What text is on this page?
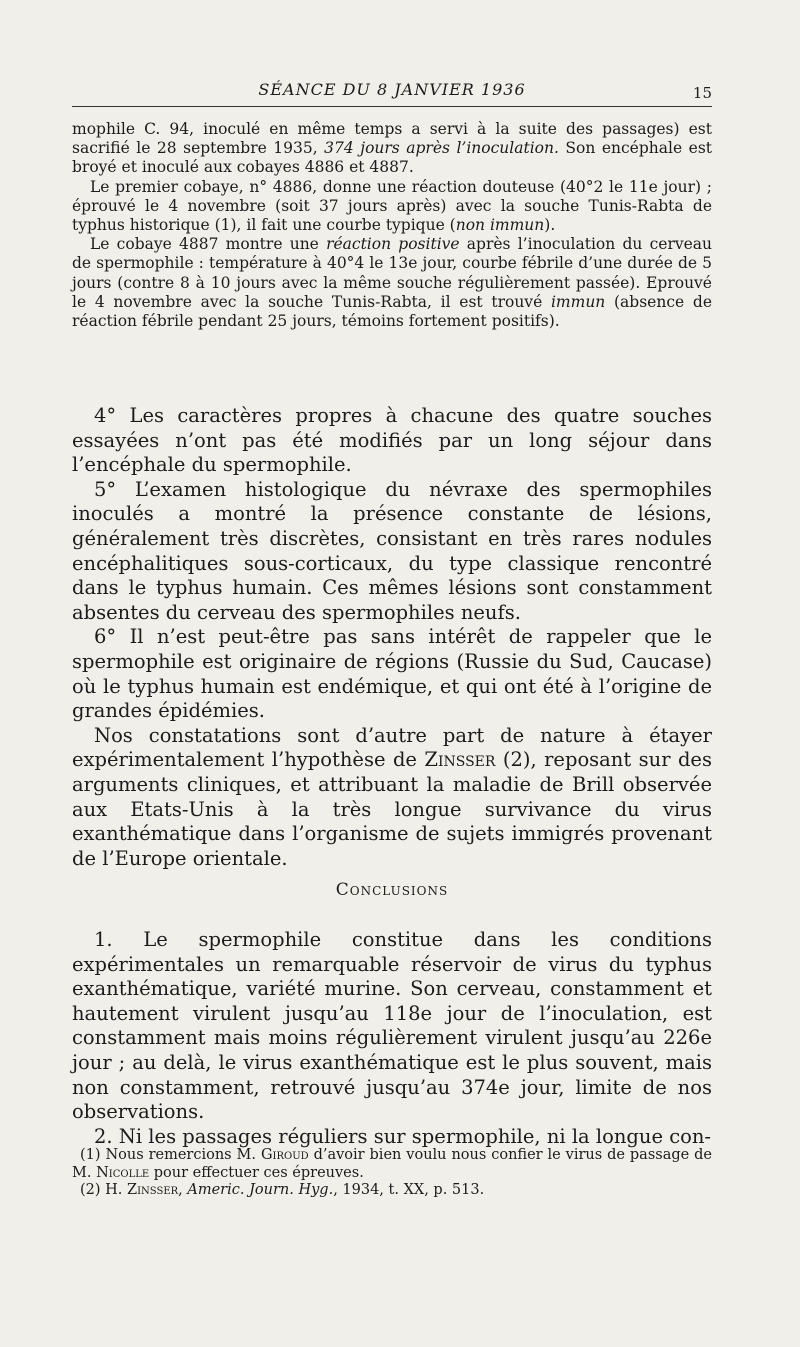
SÉANCE DU 8 JANVIER 1936	15

mophile C. 94, inoculé en même temps a servi à la suite des passages) est sacrifié le 28 septembre 1935, 374 jours après l’inoculation. Son encéphale est broyé et inoculé aux cobayes 4886 et 4887.

Le premier cobaye, n° 4886, donne une réaction douteuse (40°2 le 11e jour) ; éprouvé le 4 novembre (soit 37 jours après) avec la souche Tunis-Rabta de typhus historique (1), il fait une courbe typique (non immun).

Le cobaye 4887 montre une réaction positive après l’inoculation du cerveau de spermophile : température à 40°4 le 13e jour, courbe fébrile d’une durée de 5 jours (contre 8 à 10 jours avec la même souche régulièrement passée). Eprouvé le 4 novembre avec la souche Tunis-Rabta, il est trouvé immun (absence de réaction fébrile pendant 25 jours, témoins fortement positifs).

4° Les caractères propres à chacune des quatre souches essayées n’ont pas été modifiés par un long séjour dans l’encéphale du spermophile.

5° L’examen histologique du névraxe des spermophiles inoculés a montré la présence constante de lésions, généralement très discrètes, consistant en très rares nodules encéphalitiques sous-corticaux, du type classique rencontré dans le typhus humain. Ces mêmes lésions sont constamment absentes du cerveau des spermophiles neufs.

6° Il n’est peut-être pas sans intérêt de rappeler que le spermophile est originaire de régions (Russie du Sud, Caucase) où le typhus humain est endémique, et qui ont été à l’origine de grandes épidémies.

Nos constatations sont d’autre part de nature à étayer expérimentalement l’hypothèse de Zinsser (2), reposant sur des arguments cliniques, et attribuant la maladie de Brill observée aux Etats-Unis à la très longue survivance du virus exanthématique dans l’organisme de sujets immigrés provenant de l’Europe orientale.

Conclusions

1. Le spermophile constitue dans les conditions expérimentales un remarquable réservoir de virus du typhus exanthématique, variété murine. Son cerveau, constamment et hautement virulent jusqu’au 118e jour de l’inoculation, est constamment mais moins régulièrement virulent jusqu’au 226e jour ; au delà, le virus exanthématique est le plus souvent, mais non constamment, retrouvé jusqu’au 374e jour, limite de nos observations.

2. Ni les passages réguliers sur spermophile, ni la longue con-

(1) Nous remercions M. Giroud d’avoir bien voulu nous confier le virus de passage de M. Nicolle pour effectuer ces épreuves.

(2) H. Zinsser, Americ. Journ. Hyg., 1934, t. XX, p. 513.
